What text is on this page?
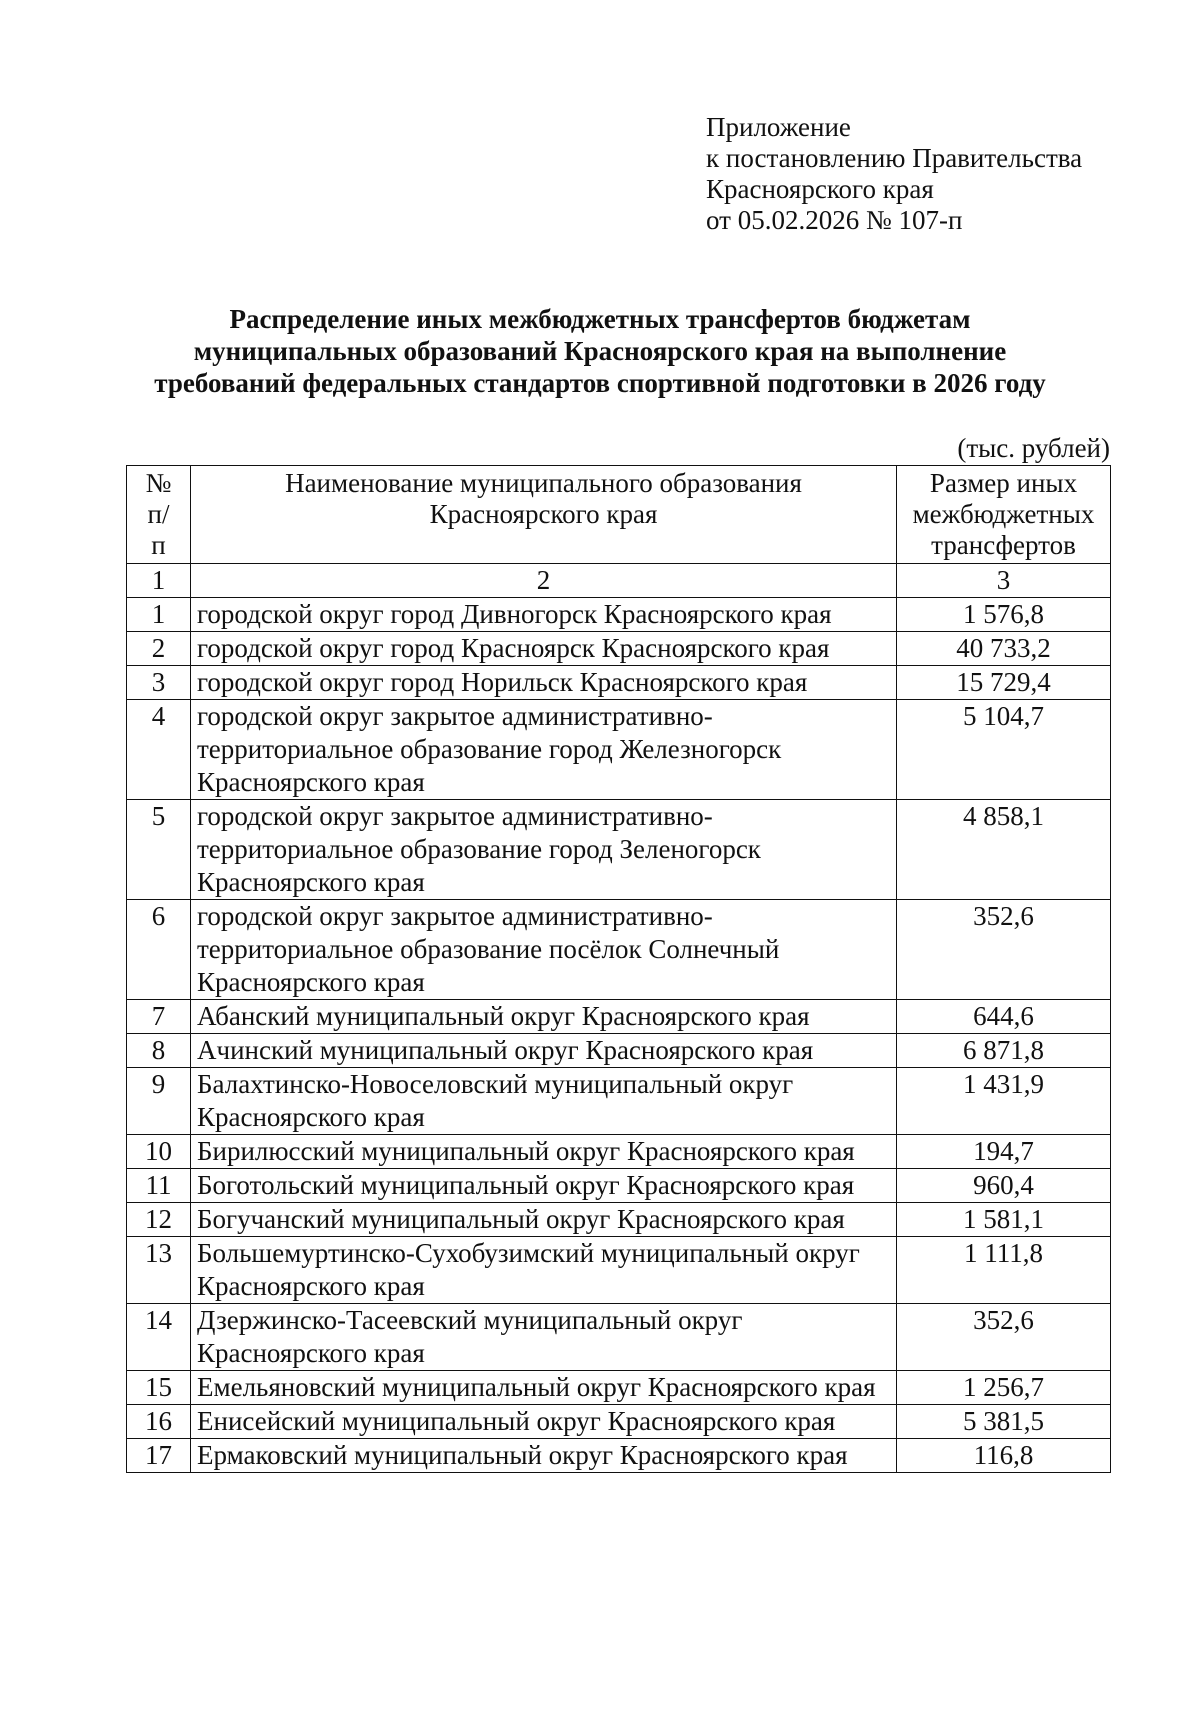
Приложение
к постановлению Правительства
Красноярского края
от 05.02.2026 № 107-п
Распределение иных межбюджетных трансфертов бюджетам
муниципальных образований Красноярского края на выполнение
требований федеральных стандартов спортивной подготовки в 2026 году
(тыс. рублей)
№ п/п	Наименование муниципального образования Красноярского края	Размер иных межбюджетных трансфертов
1	2	3
1	городской округ город Дивногорск Красноярского края	1 576,8
2	городской округ город Красноярск Красноярского края	40 733,2
3	городской округ город Норильск Красноярского края	15 729,4
4	городской округ закрытое административно-территориальное образование город Железногорск Красноярского края	5 104,7
5	городской округ закрытое административно-территориальное образование город Зеленогорск Красноярского края	4 858,1
6	городской округ закрытое административно-территориальное образование посёлок Солнечный Красноярского края	352,6
7	Абанский муниципальный округ Красноярского края	644,6
8	Ачинский муниципальный округ Красноярского края	6 871,8
9	Балахтинско-Новоселовский муниципальный округ Красноярского края	1 431,9
10	Бирилюсский муниципальный округ Красноярского края	194,7
11	Боготольский муниципальный округ Красноярского края	960,4
12	Богучанский муниципальный округ Красноярского края	1 581,1
13	Большемуртинско-Сухобузимский муниципальный округ Красноярского края	1 111,8
14	Дзержинско-Тасеевский муниципальный округ Красноярского края	352,6
15	Емельяновский муниципальный округ Красноярского края	1 256,7
16	Енисейский муниципальный округ Красноярского края	5 381,5
17	Ермаковский муниципальный округ Красноярского края	116,8
